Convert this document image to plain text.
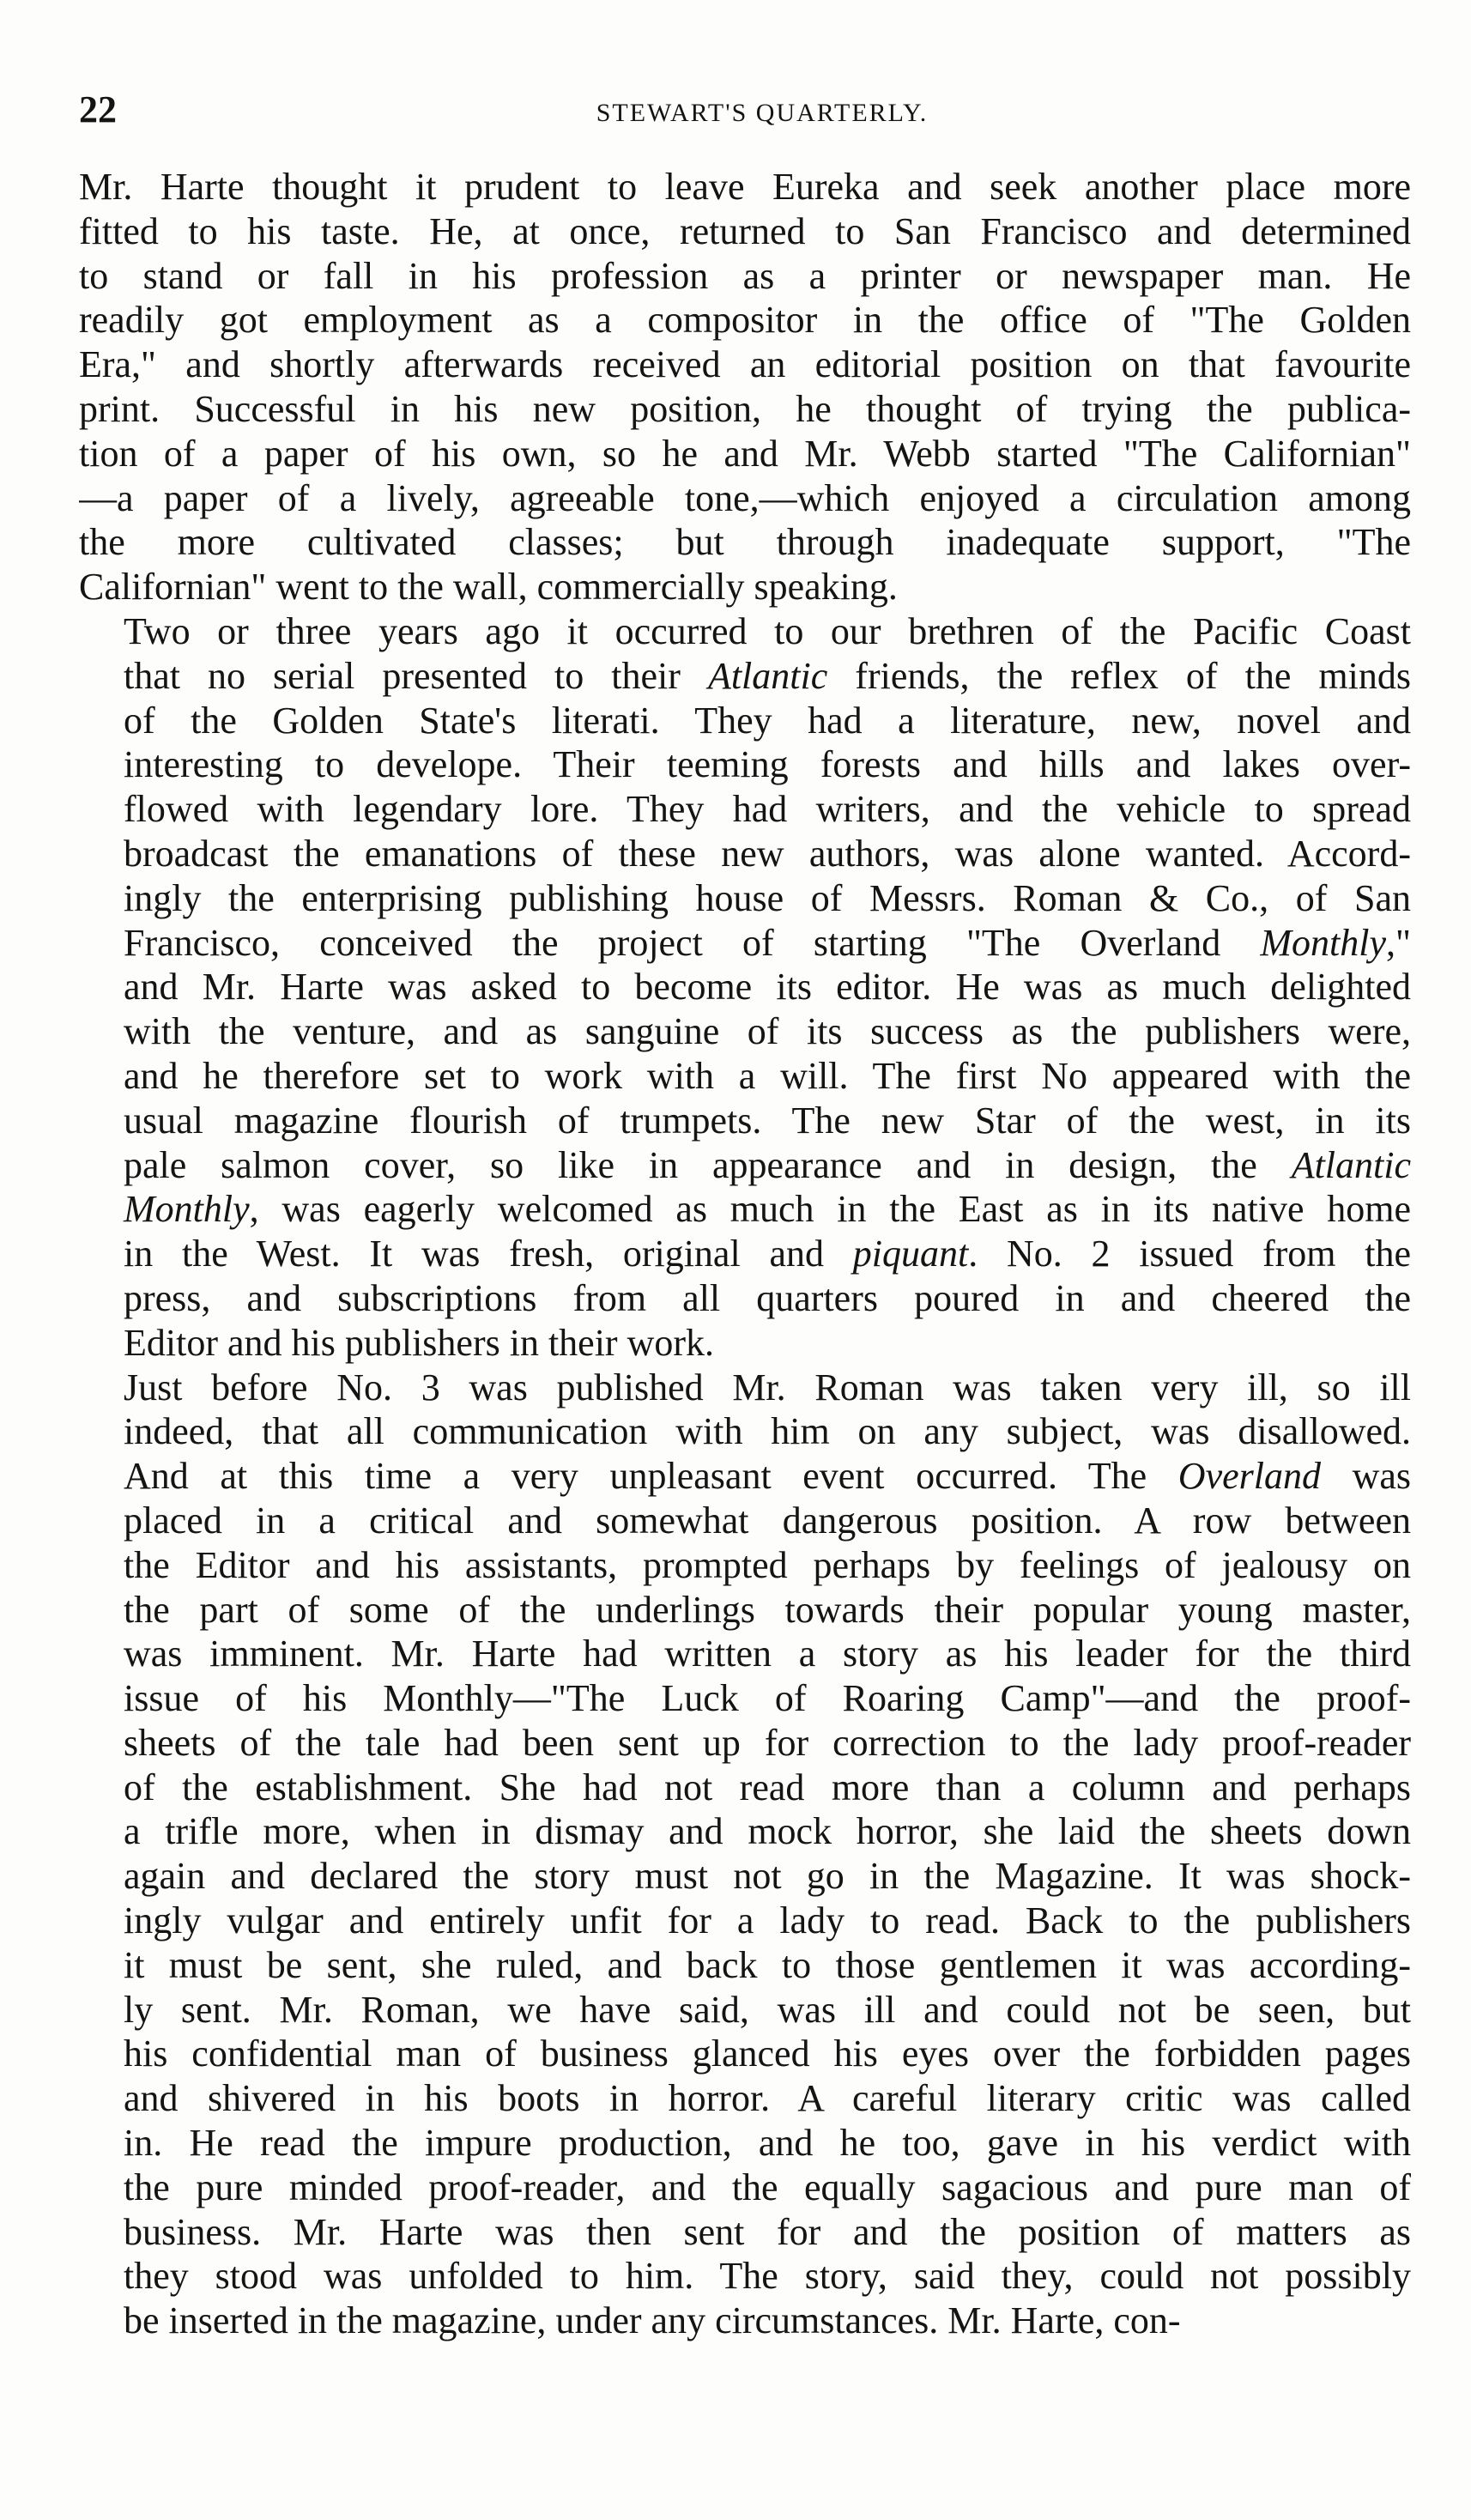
22	STEWART'S QUARTERLY.

Mr. Harte thought it prudent to leave Eureka and seek another place more
fitted to his taste. He, at once, returned to San Francisco and determined
to stand or fall in his profession as a printer or newspaper man. He
readily got employment as a compositor in the office of "The Golden
Era," and shortly afterwards received an editorial position on that favourite
print. Successful in his new position, he thought of trying the publica-
tion of a paper of his own, so he and Mr. Webb started "The Californian"
—a paper of a lively, agreeable tone,—which enjoyed a circulation among
the more cultivated classes; but through inadequate support, "The
Californian" went to the wall, commercially speaking.

Two or three years ago it occurred to our brethren of the Pacific Coast
that no serial presented to their Atlantic friends, the reflex of the minds
of the Golden State's literati. They had a literature, new, novel and
interesting to develope. Their teeming forests and hills and lakes over-
flowed with legendary lore. They had writers, and the vehicle to spread
broadcast the emanations of these new authors, was alone wanted. Accord-
ingly the enterprising publishing house of Messrs. Roman & Co., of San
Francisco, conceived the project of starting "The Overland Monthly,"
and Mr. Harte was asked to become its editor. He was as much delighted
with the venture, and as sanguine of its success as the publishers were,
and he therefore set to work with a will. The first No appeared with the
usual magazine flourish of trumpets. The new Star of the west, in its
pale salmon cover, so like in appearance and in design, the Atlantic
Monthly, was eagerly welcomed as much in the East as in its native home
in the West. It was fresh, original and piquant. No. 2 issued from the
press, and subscriptions from all quarters poured in and cheered the
Editor and his publishers in their work.

Just before No. 3 was published Mr. Roman was taken very ill, so ill
indeed, that all communication with him on any subject, was disallowed.
And at this time a very unpleasant event occurred. The Overland was
placed in a critical and somewhat dangerous position. A row between
the Editor and his assistants, prompted perhaps by feelings of jealousy on
the part of some of the underlings towards their popular young master,
was imminent. Mr. Harte had written a story as his leader for the third
issue of his Monthly—"The Luck of Roaring Camp"—and the proof-
sheets of the tale had been sent up for correction to the lady proof-reader
of the establishment. She had not read more than a column and perhaps
a trifle more, when in dismay and mock horror, she laid the sheets down
again and declared the story must not go in the Magazine. It was shock-
ingly vulgar and entirely unfit for a lady to read. Back to the publishers
it must be sent, she ruled, and back to those gentlemen it was according-
ly sent. Mr. Roman, we have said, was ill and could not be seen, but
his confidential man of business glanced his eyes over the forbidden pages
and shivered in his boots in horror. A careful literary critic was called
in. He read the impure production, and he too, gave in his verdict with
the pure minded proof-reader, and the equally sagacious and pure man of
business. Mr. Harte was then sent for and the position of matters as
they stood was unfolded to him. The story, said they, could not possibly
be inserted in the magazine, under any circumstances. Mr. Harte, con-
